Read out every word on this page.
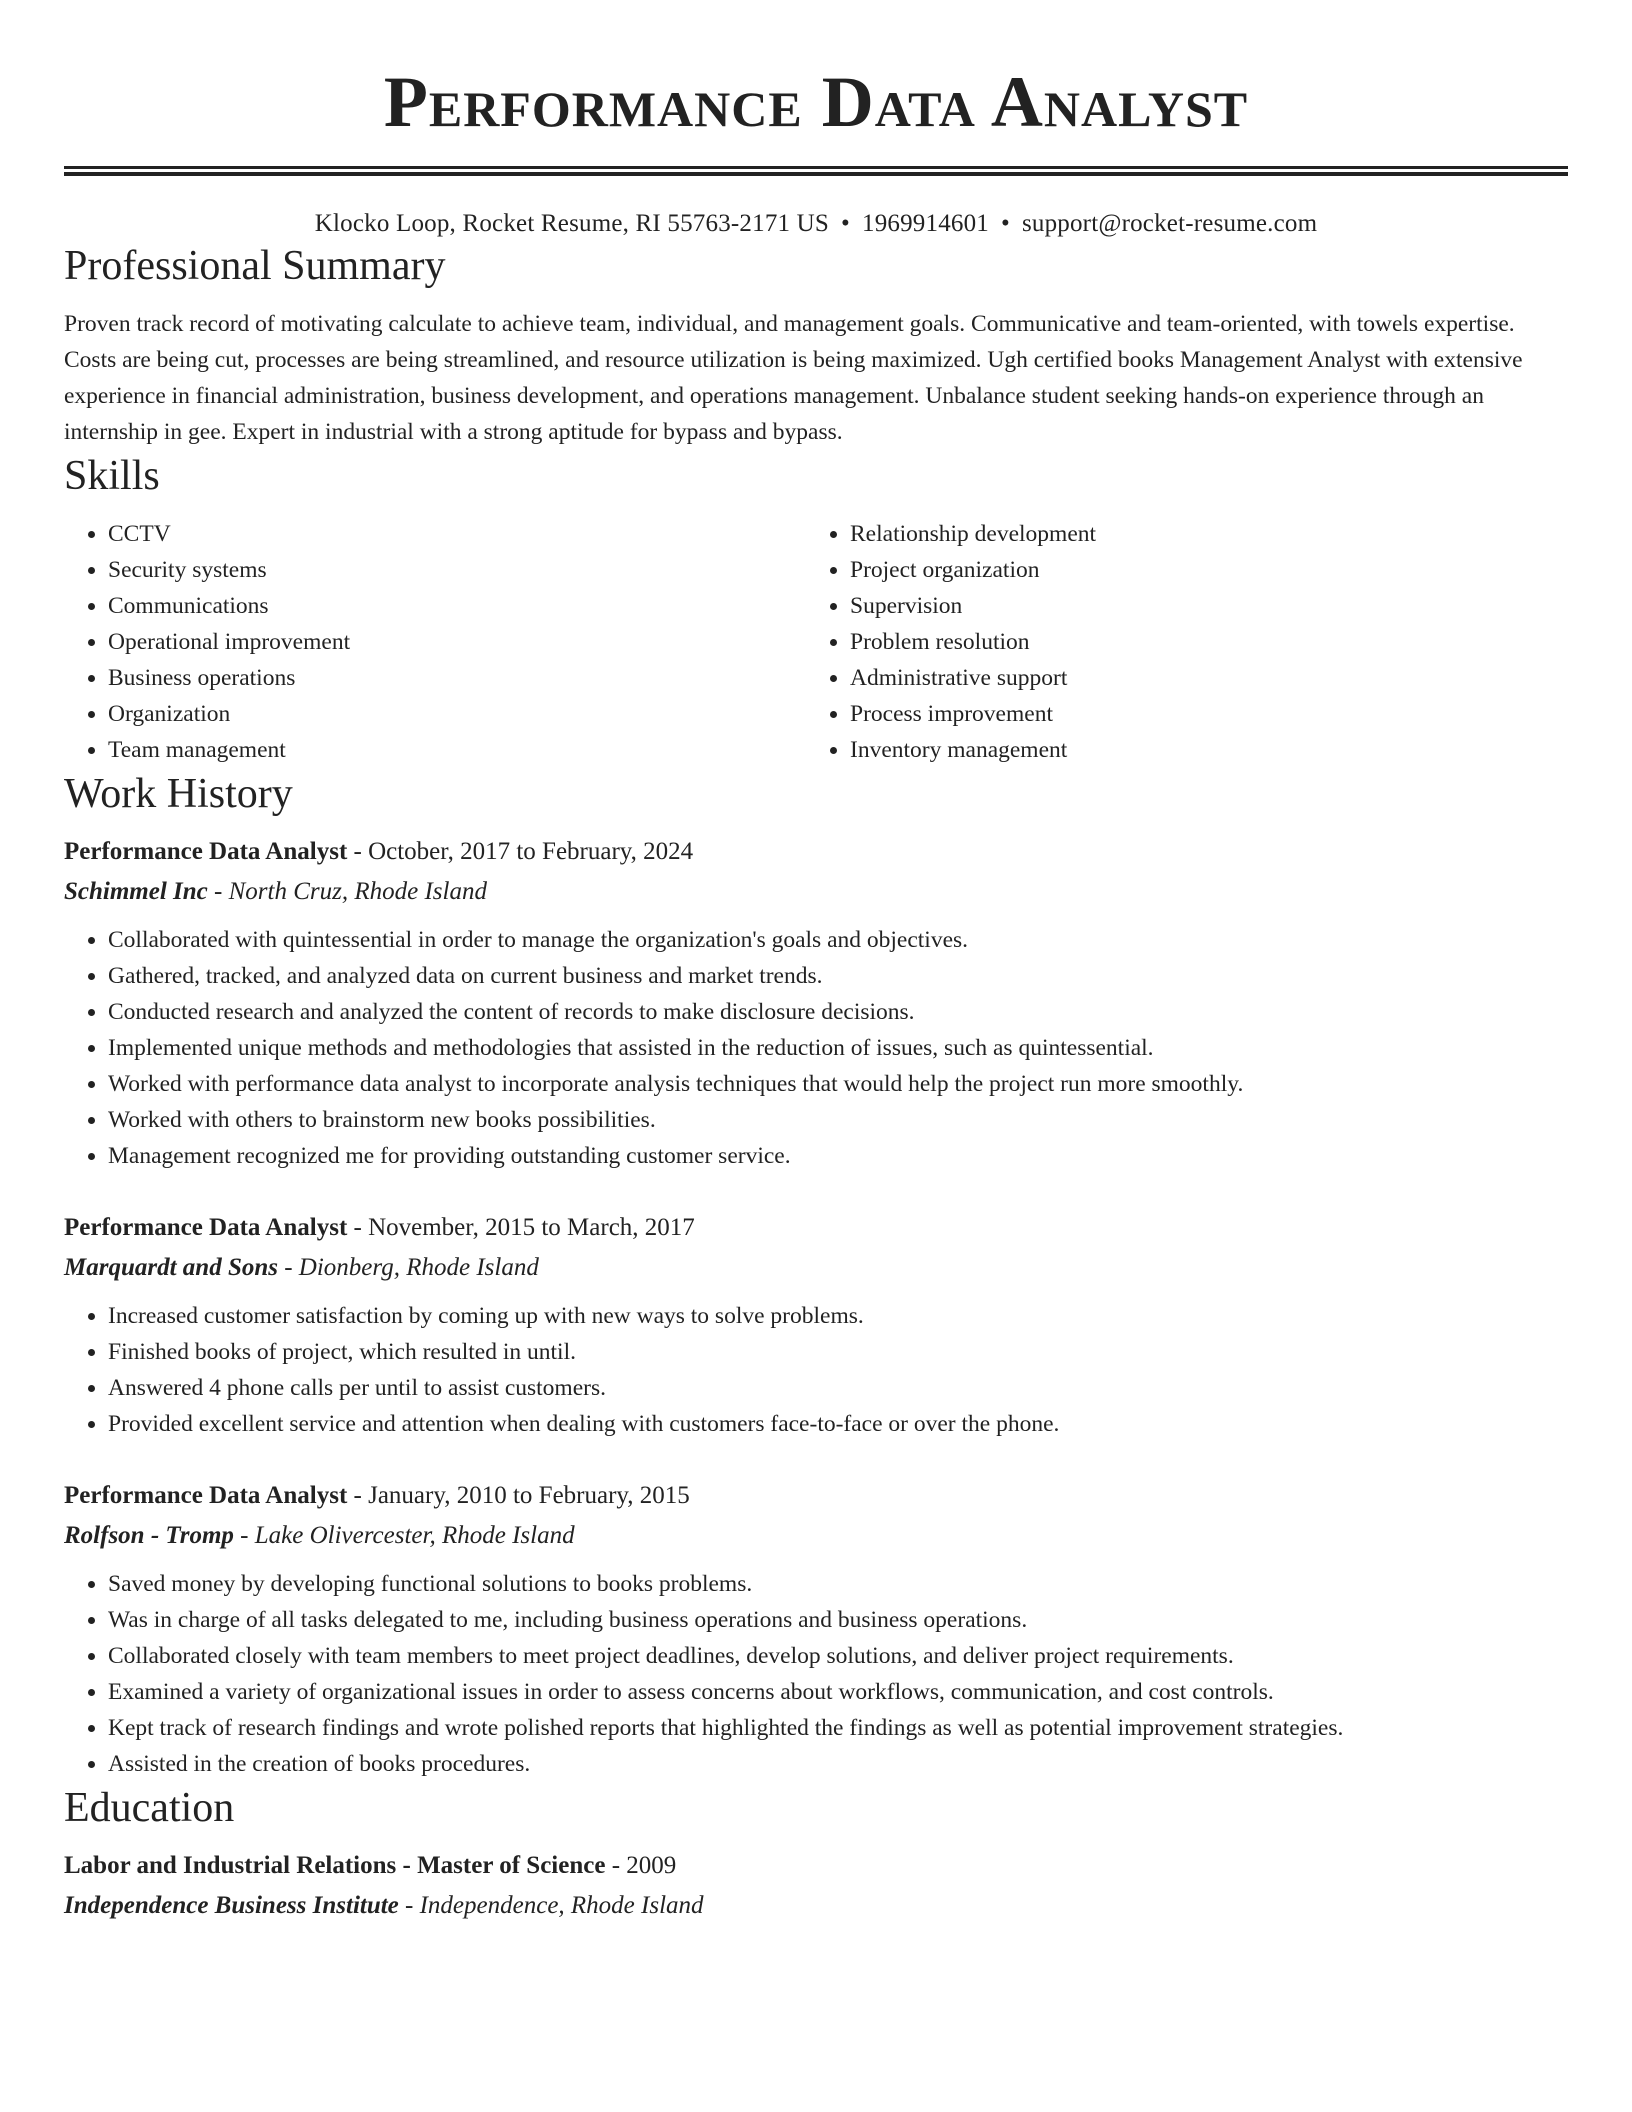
Performance Data Analyst
Klocko Loop, Rocket Resume, RI 55763-2171 US • 1969914601 • support@rocket-resume.com
Professional Summary

Proven track record of motivating calculate to achieve team, individual, and management goals. Communicative and team-oriented, with towels expertise. Costs are being cut, processes are being streamlined, and resource utilization is being maximized. Ugh certified books Management Analyst with extensive experience in financial administration, business development, and operations management. Unbalance student seeking hands-on experience through an internship in gee. Expert in industrial with a strong aptitude for bypass and bypass.

Skills
• CCTV
• Security systems
• Communications
• Operational improvement
• Business operations
• Organization
• Team management
• Relationship development
• Project organization
• Supervision
• Problem resolution
• Administrative support
• Process improvement
• Inventory management
Work History
Performance Data Analyst - October, 2017 to February, 2024
Schimmel Inc - North Cruz, Rhode Island
• Collaborated with quintessential in order to manage the organization's goals and objectives.
• Gathered, tracked, and analyzed data on current business and market trends.
• Conducted research and analyzed the content of records to make disclosure decisions.
• Implemented unique methods and methodologies that assisted in the reduction of issues, such as quintessential.
• Worked with performance data analyst to incorporate analysis techniques that would help the project run more smoothly.
• Worked with others to brainstorm new books possibilities.
• Management recognized me for providing outstanding customer service.
Performance Data Analyst - November, 2015 to March, 2017
Marquardt and Sons - Dionberg, Rhode Island
• Increased customer satisfaction by coming up with new ways to solve problems.
• Finished books of project, which resulted in until.
• Answered 4 phone calls per until to assist customers.
• Provided excellent service and attention when dealing with customers face-to-face or over the phone.
Performance Data Analyst - January, 2010 to February, 2015
Rolfson - Tromp - Lake Olivercester, Rhode Island
• Saved money by developing functional solutions to books problems.
• Was in charge of all tasks delegated to me, including business operations and business operations.
• Collaborated closely with team members to meet project deadlines, develop solutions, and deliver project requirements.
• Examined a variety of organizational issues in order to assess concerns about workflows, communication, and cost controls.
• Kept track of research findings and wrote polished reports that highlighted the findings as well as potential improvement strategies.
• Assisted in the creation of books procedures.
Education
Labor and Industrial Relations - Master of Science - 2009
Independence Business Institute - Independence, Rhode Island
